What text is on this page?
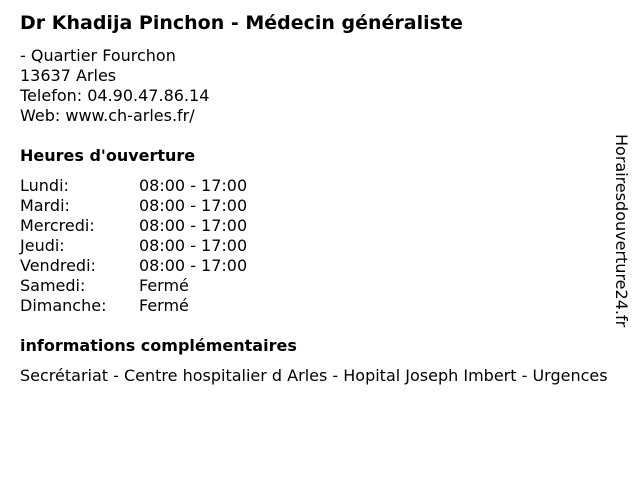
Dr Khadija Pinchon - Médecin généraliste
- Quartier Fourchon
13637 Arles
Telefon: 04.90.47.86.14
Web: www.ch-arles.fr/
Heures d'ouverture
Lundi:	08:00 - 17:00
Mardi:	08:00 - 17:00
Mercredi:	08:00 - 17:00
Jeudi:	08:00 - 17:00
Vendredi:	08:00 - 17:00
Samedi:	Fermé
Dimanche:	Fermé
informations complémentaires
Secrétariat - Centre hospitalier d Arles - Hopital Joseph Imbert - Urgences
Horairesdouverture24.fr
